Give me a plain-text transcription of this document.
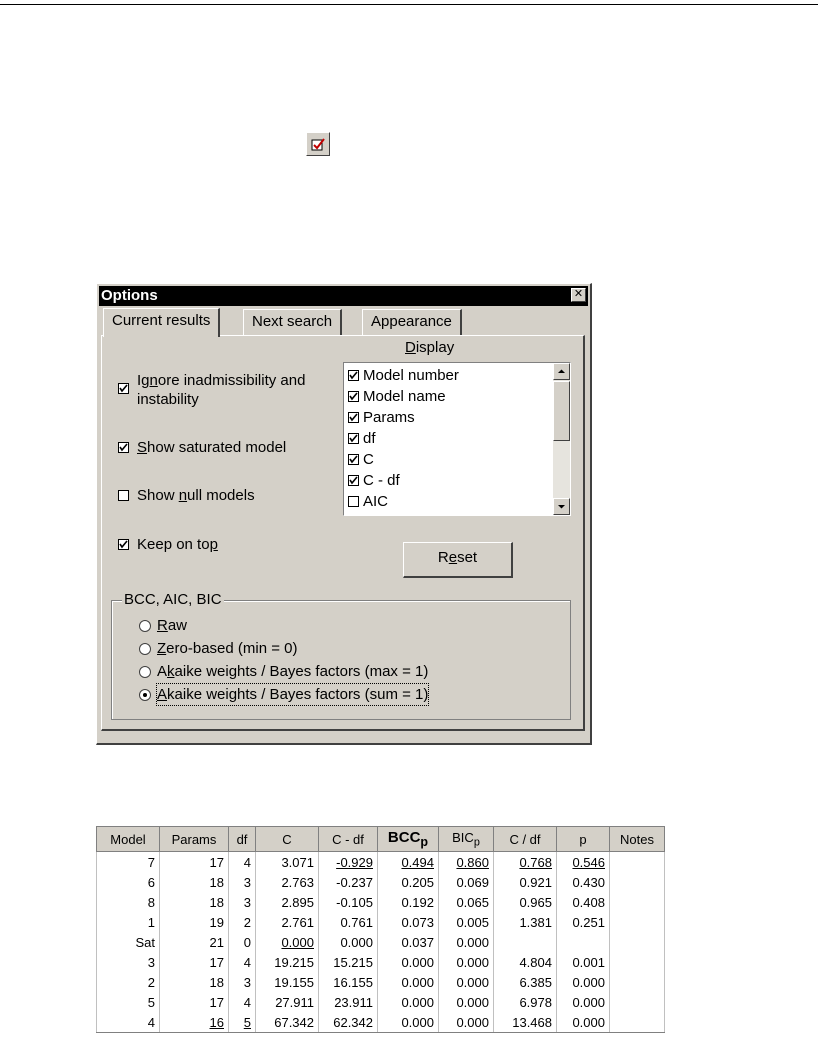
Options	✕
Current results	Next search	Appearance
Ignore inadmissibility and
instability
Show saturated model
Show null models
Keep on top
Display
Model number
Model name
Params
df
C
C - df
AIC
Reset
BCC, AIC, BIC
Raw
Zero-based (min = 0)
Akaike weights / Bayes factors (max = 1)
Akaike weights / Bayes factors (sum = 1)
Model	Params	df	C	C - df	$BCC_p$	$BIC_p$	C / df	p	Notes
7	17	4	3.071	-0.929	0.494	0.860	0.768	0.546	
6	18	3	2.763	-0.237	0.205	0.069	0.921	0.430	
8	18	3	2.895	-0.105	0.192	0.065	0.965	0.408	
1	19	2	2.761	0.761	0.073	0.005	1.381	0.251	
Sat	21	0	0.000	0.000	0.037	0.000			
3	17	4	19.215	15.215	0.000	0.000	4.804	0.001	
2	18	3	19.155	16.155	0.000	0.000	6.385	0.000	
5	17	4	27.911	23.911	0.000	0.000	6.978	0.000	
4	16	5	67.342	62.342	0.000	0.000	13.468	0.000	
